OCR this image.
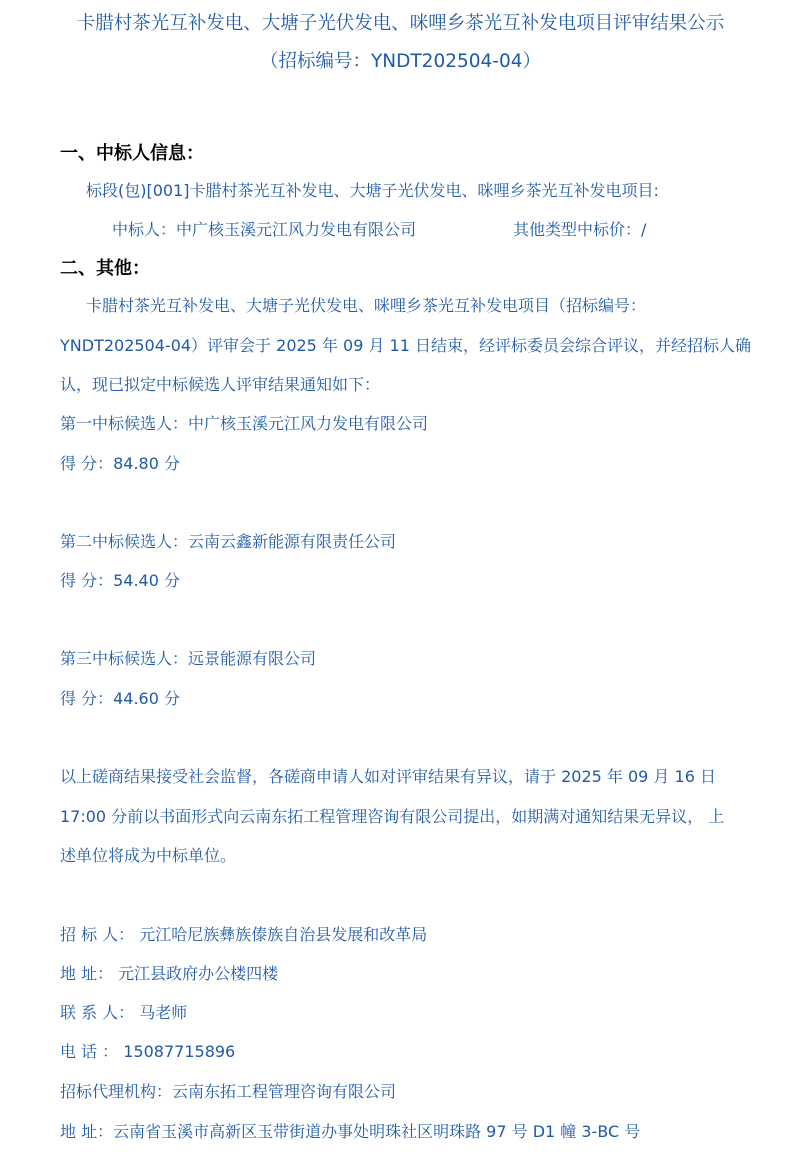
卡腊村茶光互补发电、大塘子光伏发电、咪哩乡茶光互补发电项目评审结果公示
（招标编号：YNDT202504-04）
一、中标人信息：
标段(包)[001]卡腊村茶光互补发电、大塘子光伏发电、咪哩乡茶光互补发电项目:
中标人：中广核玉溪元江风力发电有限公司	其他类型中标价：/
二、其他：
卡腊村茶光互补发电、大塘子光伏发电、咪哩乡茶光互补发电项目（招标编号：
YNDT202504-04）评审会于 2025 年 09 月 11 日结束，经评标委员会综合评议，并经招标人确
认，现已拟定中标候选人评审结果通知如下：
第一中标候选人：中广核玉溪元江风力发电有限公司
得 分：84.80 分
第二中标候选人：云南云鑫新能源有限责任公司
得 分：54.40 分
第三中标候选人：远景能源有限公司
得 分：44.60 分
以上磋商结果接受社会监督，各磋商申请人如对评审结果有异议，请于 2025 年 09 月 16 日
17:00 分前以书面形式向云南东拓工程管理咨询有限公司提出，如期满对通知结果无异议， 上
述单位将成为中标单位。
招 标 人： 元江哈尼族彝族傣族自治县发展和改革局
地 址： 元江县政府办公楼四楼
联 系 人： 马老师
电 话 ： 15087715896
招标代理机构：云南东拓工程管理咨询有限公司
地 址：云南省玉溪市高新区玉带街道办事处明珠社区明珠路 97 号 D1 幢 3-BC 号
